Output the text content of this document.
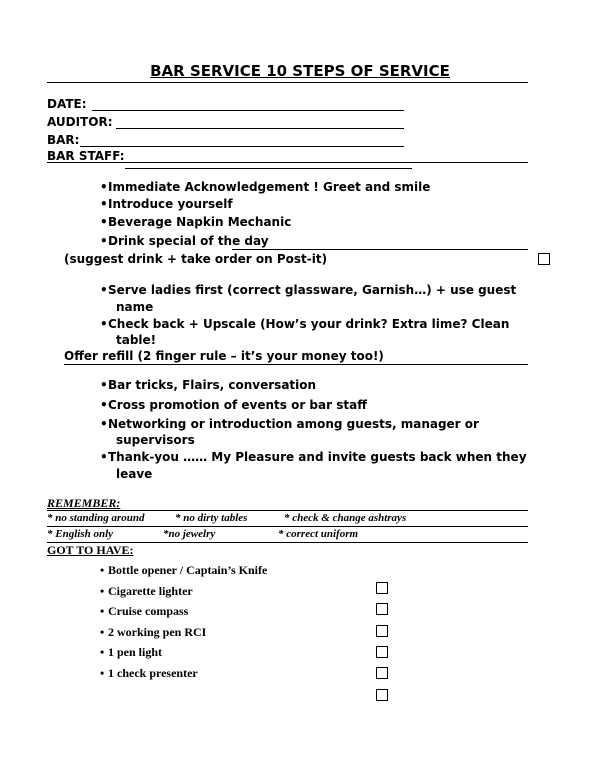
BAR SERVICE 10 STEPS OF SERVICE
DATE:
AUDITOR:
BAR:
BAR STAFF:
•Immediate Acknowledgement ! Greet and smile
•Introduce yourself
•Beverage Napkin Mechanic
•Drink special of the day
(suggest drink + take order on Post-it)
•Serve ladies first (correct glassware, Garnish…) + use guest
name
•Check back + Upscale (How’s your drink? Extra lime? Clean
table!
Offer refill (2 finger rule – it’s your money too!)
•Bar tricks, Flairs, conversation
•Cross promotion of events or bar staff
•Networking or introduction among guests, manager or
supervisors
•Thank-you …… My Pleasure and invite guests back when they
leave
REMEMBER:
* no standing around	* no dirty tables	* check & change ashtrays
* English only	*no jewelry	* correct uniform
GOT TO HAVE:
• Bottle opener / Captain’s Knife
• Cigarette lighter
• Cruise compass
• 2 working pen RCI
• 1 pen light
• 1 check presenter
